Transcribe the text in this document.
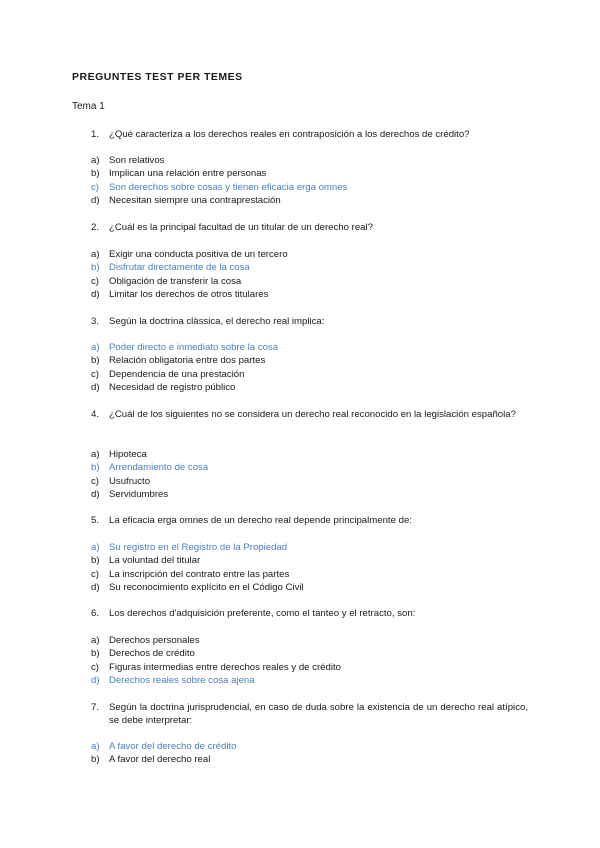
PREGUNTES TEST PER TEMES
Tema 1
1. ¿Qué caracteriza a los derechos reales en contraposición a los derechos de crédito?
a) Son relativos
b) Implican una relación entre personas
c) Son derechos sobre cosas y tienen eficacia erga omnes
d) Necesitan siempre una contraprestación
2. ¿Cuál es la principal facultad de un titular de un derecho real?
a) Exigir una conducta positiva de un tercero
b) Disfrutar directamente de la cosa
c) Obligación de transferir la cosa
d) Limitar los derechos de otros titulares
3. Según la doctrina clàssica, el derecho real implica:
a) Poder directo e inmediato sobre la cosa
b) Relación obligatoria entre dos partes
c) Dependencia de una prestación
d) Necesidad de registro público
4. ¿Cuál de los siguientes no se considera un derecho real reconocido en la legislación española?
a) Hipoteca
b) Arrendamiento de cosa
c) Usufructo
d) Servidumbres
5. La eficacia erga omnes de un derecho real depende principalmente de:
a) Su registro en el Registro de la Propiedad
b) La voluntad del titular
c) La inscripción del contrato entre las partes
d) Su reconocimiento explícito en el Código Civil
6. Los derechos d'adquisición preferente, como el tanteo y el retracto, son:
a) Derechos personales
b) Derechos de crédito
c) Figuras intermedias entre derechos reales y de crédito
d) Derechos reales sobre cosa ajena
7. Según la doctrina jurisprudencial, en caso de duda sobre la existencia de un derecho real atípico, se debe interpretar:
a) A favor del derecho de crédito
b) A favor del derecho real
